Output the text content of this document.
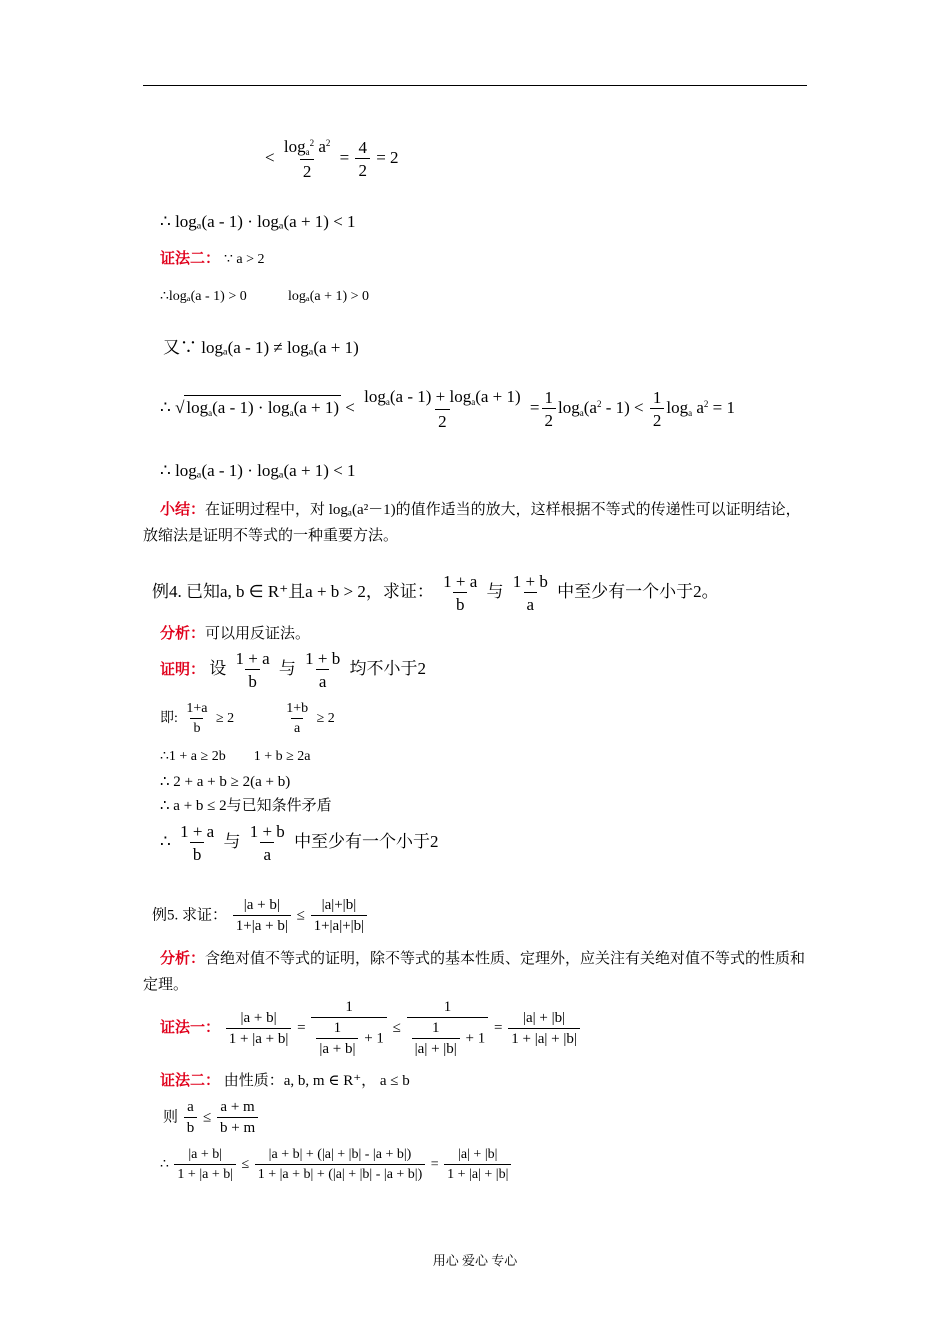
< $\frac{\log_a^2 a^2}{2} = \frac{4}{2} = 2$
∴ logₐ(a - 1) · logₐ(a + 1) < 1
证法二： ∵ a > 2
∴logₐ(a - 1) > 0	logₐ(a + 1) > 0
又∵ logₐ(a - 1) ≠ logₐ(a + 1)
∴ √ $\log_a(a - 1) \cdot \log_a(a + 1) < \frac{\log_a(a - 1) + \log_a(a + 1)}{2} = \frac{1}{2} \log_a(a^2 - 1) < \frac{1}{2} \log_a a^2 = 1$
∴ logₐ(a - 1) · logₐ(a + 1) < 1
小结：在证明过程中，对 logₐ(a²－1)的值作适当的放大，这样根据不等式的传递性可以证明结论，放缩法是证明不等式的一种重要方法。
例4. 已知a, b ∈ R⁺且a + b > 2，求证： $\frac{1 + a}{b}$ 与 $\frac{1 + b}{a}$ 中至少有一个小于2。
分析：可以用反证法。
证明： 设 $\frac{1 + a}{b}$ 与 $\frac{1 + b}{a}$ 均不小于2
即: $\frac{1+a}{b} \ge 2$	$\frac{1+b}{a} \ge 2$
∴1 + a ≥ 2b 1 + b ≥ 2a
∴ 2 + a + b ≥ 2(a + b)
∴ a + b ≤ 2与已知条件矛盾
∴ $\frac{1 + a}{b}$ 与 $\frac{1 + b}{a}$ 中至少有一个小于2
例5. 求证： $\frac{|a + b|}{1+|a + b|} \le \frac{|a|+|b|}{1+|a|+|b|}$
分析：含绝对值不等式的证明，除不等式的基本性质、定理外，应关注有关绝对值不等式的性质和定理。
证法一： $\frac{|a + b|}{1 + |a + b|} = \frac{1}{\frac{1}{|a + b|} + 1} \le \frac{1}{\frac{1}{|a| + |b|} + 1} = \frac{|a| + |b|}{1 + |a| + |b|}$
证法二： 由性质：a, b, m ∈ R⁺， a ≤ b
则 $\frac{a}{b} \le \frac{a + m}{b + m}$
∴ $\frac{|a + b|}{1 + |a + b|} \le \frac{|a + b| + (|a| + |b| - |a + b|)}{1 + |a + b| + (|a| + |b| - |a + b|)} = \frac{|a| + |b|}{1 + |a| + |b|}$
用心 爱心 专心
